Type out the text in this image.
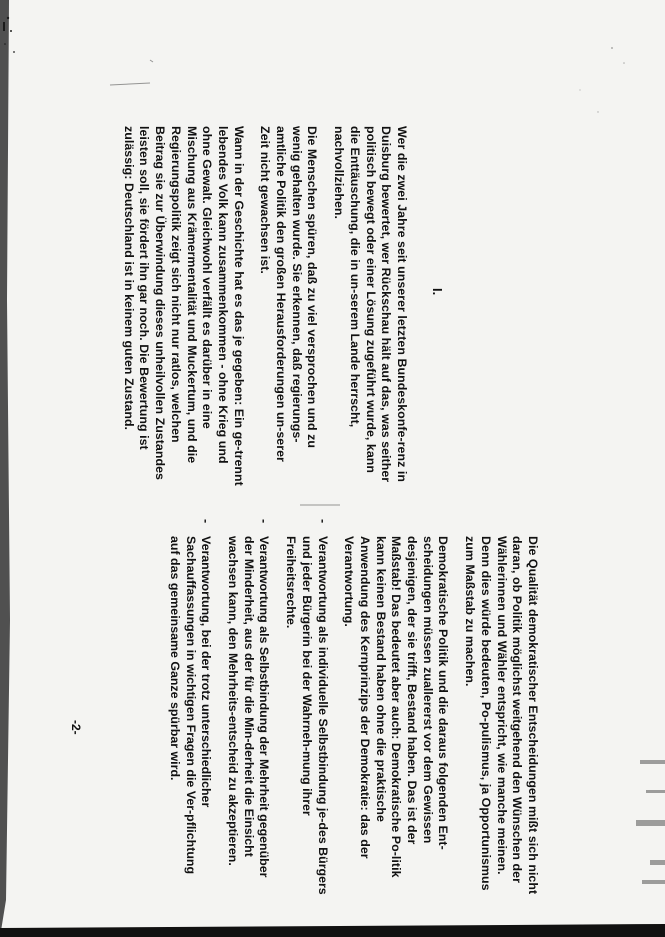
-2-
I.

Wer die zwei Jahre seit unserer letzten Bundeskonfe-renz in Duisburg bewertet, wer Rückschau hält auf das, was seither politisch bewegt oder einer Lösung zugeführt wurde, kann die Enttäuschung, die in un-serem Lande herrscht, nachvollziehen.

Die Menschen spüren, daß zu viel versprochen und zu wenig gehalten wurde. Sie erkennen, daß regierungs-amtliche Politik den großen Herausforderungen un-serer Zeit nicht gewachsen ist.

Wann in der Geschichte hat es das je gegeben: Ein ge-trennt lebendes Volk kann zusammenkommen - ohne Krieg und ohne Gewalt. Gleichwohl verfällt es darüber in eine Mischung aus Krämermentalität und Muckertum, und die Regierungspolitik zeigt sich nicht nur ratlos, welchen Beitrag sie zur Überwindung dieses unheilvollen Zustandes leisten soll, sie fördert ihn gar noch. Die Bewertung ist zulässig: Deutschland ist in keinem guten Zustand.

Die Qualität demokratischer Entscheidungen mißt sich nicht daran, ob Politik möglichst weitgehend den Wünschen der Wählerinnen und Wähler entspricht, wie manche meinen. Denn dies würde bedeuten, Po-pulismus, ja Opportunismus zum Maßstab zu machen.

Demokratische Politik und die daraus folgenden Ent-scheidungen müssen zuallererst vor dem Gewissen desjenigen, der sie trifft, Bestand haben. Das ist der Maßstab! Das bedeutet aber auch: Demokratische Po-litik kann keinen Bestand haben ohne die praktische Anwendung des Kernprinzips der Demokratie: das der Verantwortung.

-
Verantwortung als individuelle Selbstbindung je-des Bürgers und jeder Bürgerin bei der Wahrneh-mung ihrer Freiheitsrechte.
-
Verantwortung als Selbstbindung der Mehrheit gegenüber der Minderheit, aus der für die Min-derheit die Einsicht wachsen kann, den Mehrheits-entscheid zu akzeptieren.
-
Verantwortung, bei der trotz unterschiedlicher Sachauffassungen in wichtigen Fragen die Ver-pflichtung auf das gemeinsame Ganze spürbar wird.
